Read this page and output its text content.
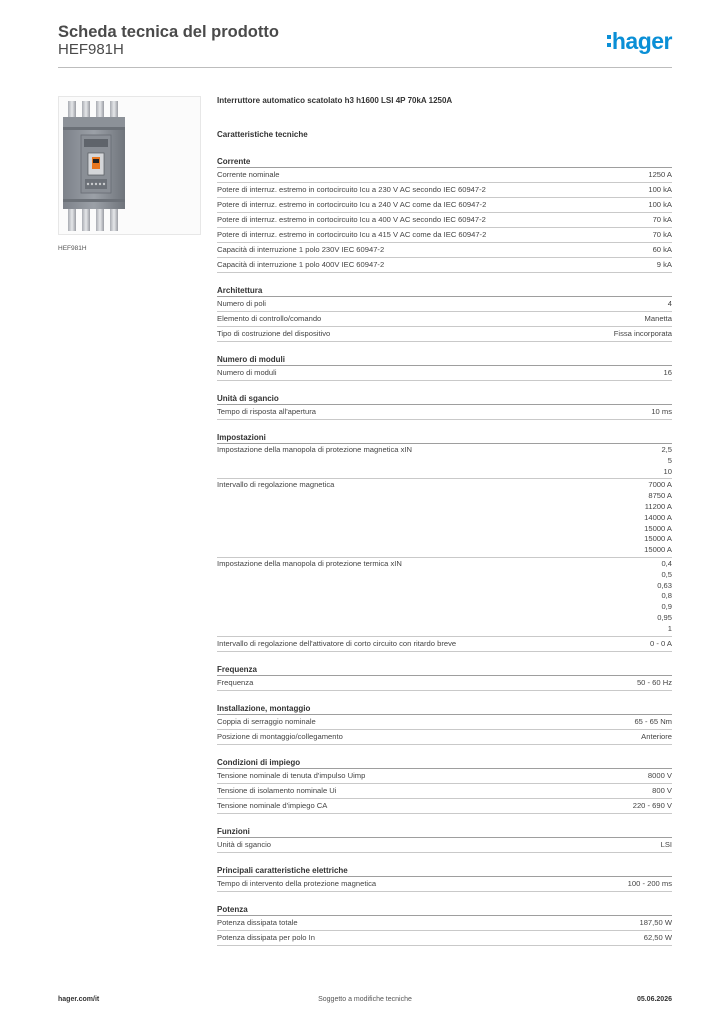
Scheda tecnica del prodotto
HEF981H	hager
HEF981H
Interruttore automatico scatolato h3 h1600 LSI 4P 70kA 1250A
Caratteristiche tecniche
Corrente
Corrente nominale	1250 A
Potere di interruz. estremo in cortocircuito Icu a 230 V AC secondo IEC 60947-2	100 kA
Potere di interruz. estremo in cortocircuito Icu a 240 V AC come da IEC 60947-2	100 kA
Potere di interruz. estremo in cortocircuito Icu a 400 V AC secondo IEC 60947-2	70 kA
Potere di interruz. estremo in cortocircuito Icu a 415 V AC come da IEC 60947-2	70 kA
Capacità di interruzione 1 polo 230V IEC 60947-2	60 kA
Capacità di interruzione 1 polo 400V IEC 60947-2	9 kA
Architettura
Numero di poli	4
Elemento di controllo/comando	Manetta
Tipo di costruzione del dispositivo	Fissa incorporata
Numero di moduli
Numero di moduli	16
Unità di sgancio
Tempo di risposta all'apertura	10 ms
Impostazioni
Impostazione della manopola di protezione magnetica xIN	2,5
5
10
Intervallo di regolazione magnetica	7000 A
8750 A
11200 A
14000 A
15000 A
15000 A
15000 A
Impostazione della manopola di protezione termica xIN	0,4
0,5
0,63
0,8
0,9
0,95
1
Intervallo di regolazione dell'attivatore di corto circuito con ritardo breve	0 - 0 A
Frequenza
Frequenza	50 - 60 Hz
Installazione, montaggio
Coppia di serraggio nominale	65 - 65 Nm
Posizione di montaggio/collegamento	Anteriore
Condizioni di impiego
Tensione nominale di tenuta d'impulso Uimp	8000 V
Tensione di isolamento nominale Ui	800 V
Tensione nominale d'impiego CA	220 - 690 V
Funzioni
Unità di sgancio	LSI
Principali caratteristiche elettriche
Tempo di intervento della protezione magnetica	100 - 200 ms
Potenza
Potenza dissipata totale	187,50 W
Potenza dissipata per polo In	62,50 W
hager.com/it	Soggetto a modifiche tecniche	05.06.2026
